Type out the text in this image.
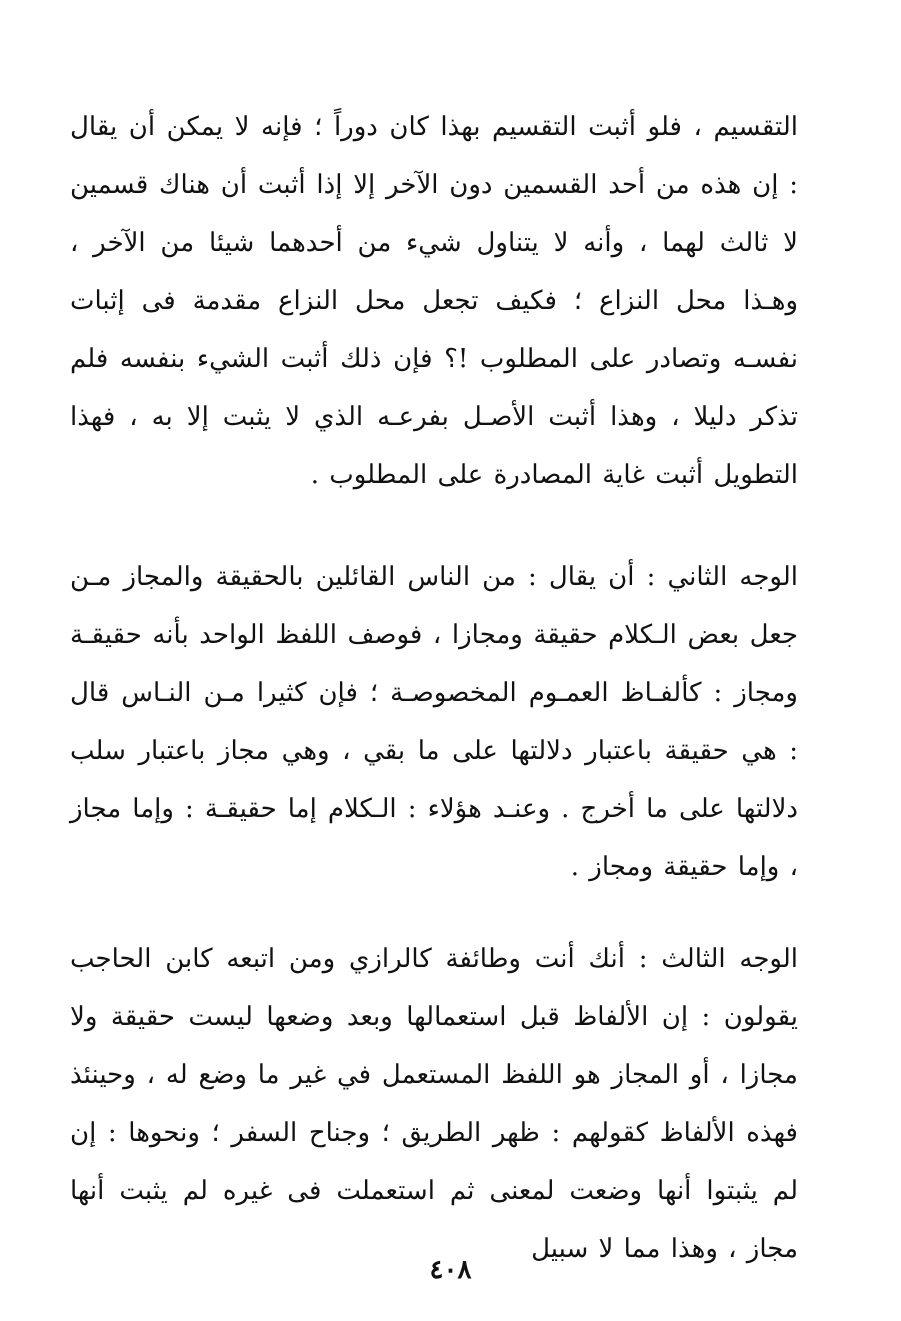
التقسيم ، فلو أثبت التقسيم بهذا كان دوراً ؛ فإنه لا يمكن أن يقال : إن هذه من أحد القسمين دون الآخر إلا إذا أثبت أن هناك قسمين لا ثالث لهما ، وأنه لا يتناول شيء من أحدهما شيئا من الآخر ، وهـذا محل النزاع ؛ فكيف تجعل محل النزاع مقدمة فى إثبات نفسـه وتصادر على المطلوب !؟ فإن ذلك أثبت الشيء بنفسه فلم تذكر دليلا ، وهذا أثبت الأصـل بفرعـه الذي لا يثبت إلا به ، فهذا التطويل أثبت غاية المصادرة على المطلوب .
الوجه الثاني : أن يقال : من الناس القائلين بالحقيقة والمجاز مـن جعل بعض الـكلام حقيقة ومجازا ، فوصف اللفظ الواحد بأنه حقيقـة ومجاز : كألفـاظ العمـوم المخصوصـة ؛ فإن كثيرا مـن النـاس قال : هي حقيقة باعتبار دلالتها على ما بقي ، وهي مجاز باعتبار سلب دلالتها على ما أخرج . وعنـد هؤلاء : الـكلام إما حقيقـة : وإما مجاز ، وإما حقيقة ومجاز .
الوجه الثالث : أنك أنت وطائفة كالرازي ومن اتبعه كابن الحاجب يقولون : إن الألفاظ قبل استعمالها وبعد وضعها ليست حقيقة ولا مجازا ، أو المجاز هو اللفظ المستعمل في غير ما وضع له ، وحينئذ فهذه الألفاظ كقولهم : ظهر الطريق ؛ وجناح السفر ؛ ونحوها : إن لم يثبتوا أنها وضعت لمعنى ثم استعملت فى غيره لم يثبت أنها مجاز ، وهذا مما لا سبيل
٤٠٨
